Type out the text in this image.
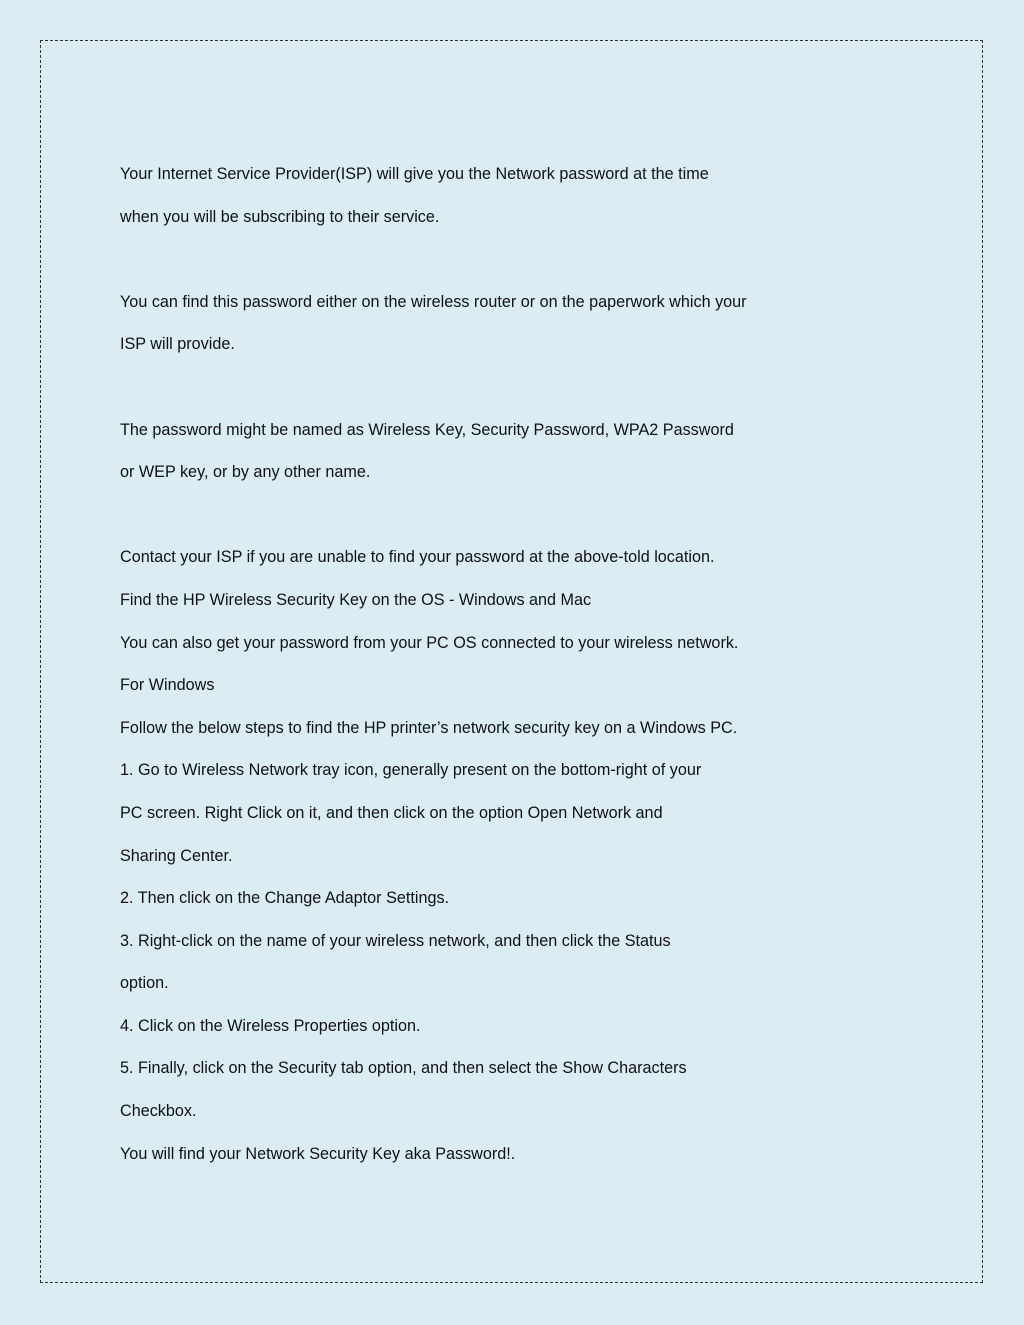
Your Internet Service Provider(ISP) will give you the Network password at the time
when you will be subscribing to their service.
You can find this password either on the wireless router or on the paperwork which your
ISP will provide.
The password might be named as Wireless Key, Security Password, WPA2 Password
or WEP key, or by any other name.
Contact your ISP if you are unable to find your password at the above-told location.
Find the HP Wireless Security Key on the OS - Windows and Mac
You can also get your password from your PC OS connected to your wireless network.
For Windows
Follow the below steps to find the HP printer’s network security key on a Windows PC.
1. Go to Wireless Network tray icon, generally present on the bottom-right of your
PC screen. Right Click on it, and then click on the option Open Network and
Sharing Center.
2. Then click on the Change Adaptor Settings.
3. Right-click on the name of your wireless network, and then click the Status
option.
4. Click on the Wireless Properties option.
5. Finally, click on the Security tab option, and then select the Show Characters
Checkbox.
You will find your Network Security Key aka Password!.
